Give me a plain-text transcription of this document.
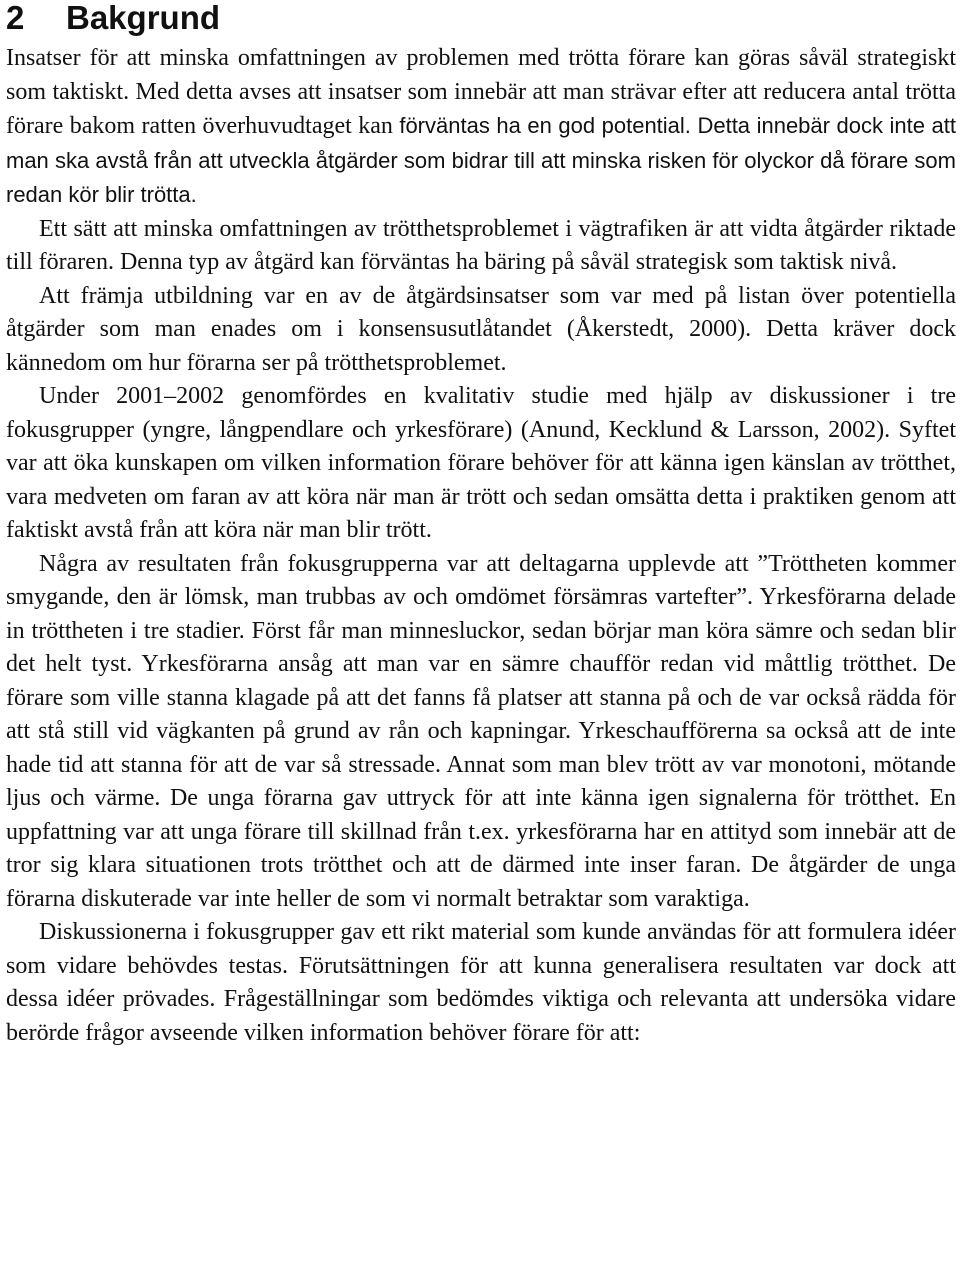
2 Bakgrund

Insatser för att minska omfattningen av problemen med trötta förare kan göras såväl strategiskt som taktiskt. Med detta avses att insatser som innebär att man strävar efter att reducera antal trötta förare bakom ratten överhuvudtaget kan förväntas ha en god potential. Detta innebär dock inte att man ska avstå från att utveckla åtgärder som bidrar till att minska risken för olyckor då förare som redan kör blir trötta.

Ett sätt att minska omfattningen av trötthetsproblemet i vägtrafiken är att vidta åtgärder riktade till föraren. Denna typ av åtgärd kan förväntas ha bäring på såväl strategisk som taktisk nivå.

Att främja utbildning var en av de åtgärdsinsatser som var med på listan över potentiella åtgärder som man enades om i konsensusutlåtandet (Åkerstedt, 2000). Detta kräver dock kännedom om hur förarna ser på trötthetsproblemet.

Under 2001–2002 genomfördes en kvalitativ studie med hjälp av diskussioner i tre fokusgrupper (yngre, långpendlare och yrkesförare) (Anund, Kecklund & Larsson, 2002). Syftet var att öka kunskapen om vilken information förare behöver för att känna igen känslan av trötthet, vara medveten om faran av att köra när man är trött och sedan omsätta detta i praktiken genom att faktiskt avstå från att köra när man blir trött.

Några av resultaten från fokusgrupperna var att deltagarna upplevde att ”Tröttheten kommer smygande, den är lömsk, man trubbas av och omdömet försämras vartefter”. Yrkesförarna delade in tröttheten i tre stadier. Först får man minnesluckor, sedan börjar man köra sämre och sedan blir det helt tyst. Yrkesförarna ansåg att man var en sämre chaufför redan vid måttlig trötthet. De förare som ville stanna klagade på att det fanns få platser att stanna på och de var också rädda för att stå still vid vägkanten på grund av rån och kapningar. Yrkeschaufförerna sa också att de inte hade tid att stanna för att de var så stressade. Annat som man blev trött av var monotoni, mötande ljus och värme. De unga förarna gav uttryck för att inte känna igen signalerna för trötthet. En uppfattning var att unga förare till skillnad från t.ex. yrkesförarna har en attityd som innebär att de tror sig klara situationen trots trötthet och att de därmed inte inser faran. De åtgärder de unga förarna diskuterade var inte heller de som vi normalt betraktar som varaktiga.

Diskussionerna i fokusgrupper gav ett rikt material som kunde användas för att formulera idéer som vidare behövdes testas. Förutsättningen för att kunna generalisera resultaten var dock att dessa idéer prövades. Frågeställningar som bedömdes viktiga och relevanta att undersöka vidare berörde frågor avseende vilken information behöver förare för att:
